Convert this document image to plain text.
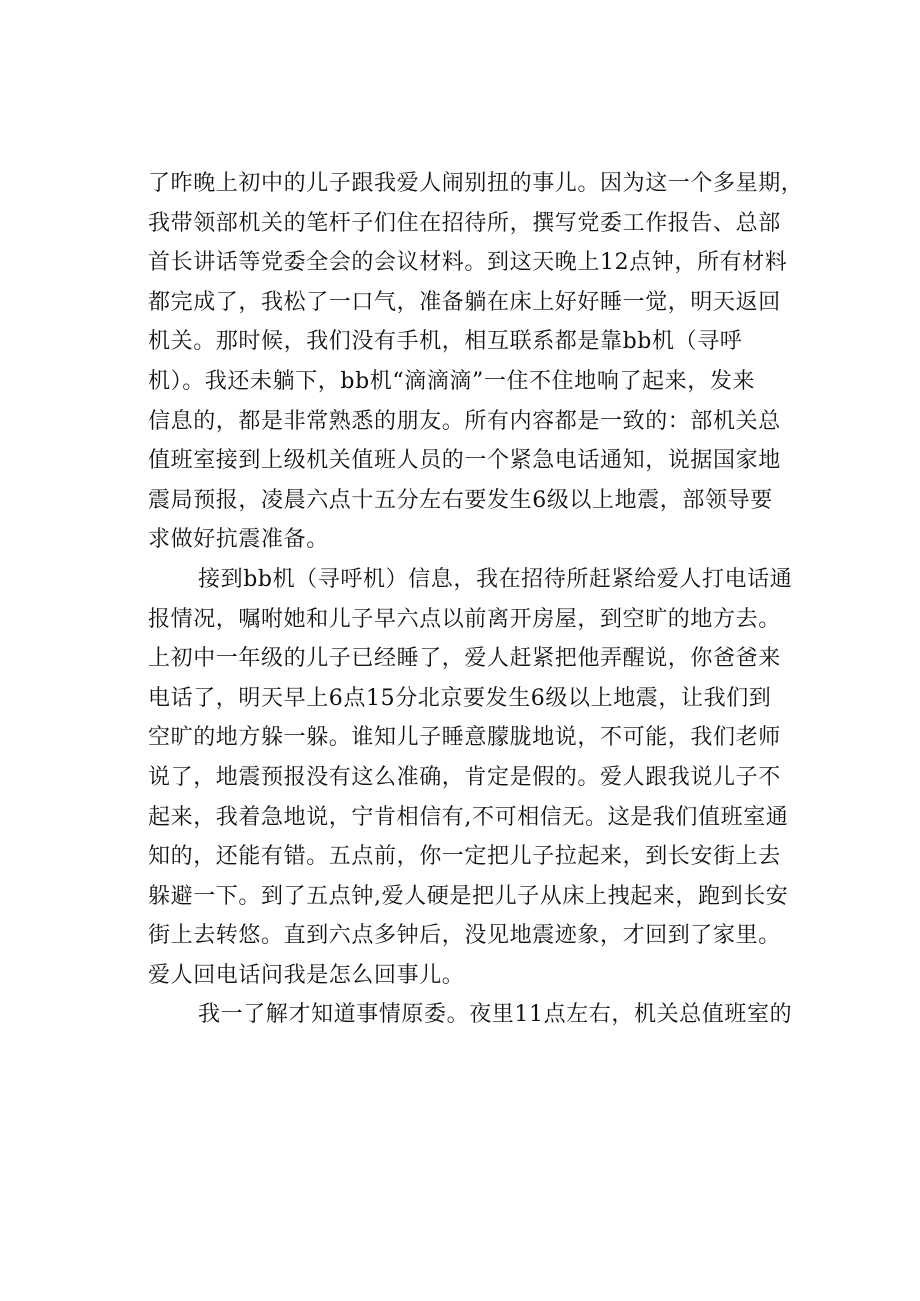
了昨晚上初中的儿子跟我爱人闹别扭的事儿。因为这一个多星期，
我带领部机关的笔杆子们住在招待所，撰写党委工作报告、总部
首长讲话等党委全会的会议材料。到这天晚上12点钟，所有材料
都完成了，我松了一口气，准备躺在床上好好睡一觉，明天返回
机关。那时候，我们没有手机，相互联系都是靠bb机（寻呼
机）。我还未躺下，bb机“滴滴滴”一住不住地响了起来，发来
信息的，都是非常熟悉的朋友。所有内容都是一致的：部机关总
值班室接到上级机关值班人员的一个紧急电话通知，说据国家地
震局预报，凌晨六点十五分左右要发生6级以上地震，部领导要
求做好抗震准备。
接到bb机（寻呼机）信息，我在招待所赶紧给爱人打电话通
报情况，嘱咐她和儿子早六点以前离开房屋，到空旷的地方去。
上初中一年级的儿子已经睡了，爱人赶紧把他弄醒说，你爸爸来
电话了，明天早上6点15分北京要发生6级以上地震，让我们到
空旷的地方躲一躲。谁知儿子睡意朦胧地说，不可能，我们老师
说了，地震预报没有这么准确，肯定是假的。爱人跟我说儿子不
起来，我着急地说，宁肯相信有,不可相信无。这是我们值班室通
知的，还能有错。五点前，你一定把儿子拉起来，到长安街上去
躲避一下。到了五点钟,爱人硬是把儿子从床上拽起来，跑到长安
街上去转悠。直到六点多钟后，没见地震迹象，才回到了家里。
爱人回电话问我是怎么回事儿。
我一了解才知道事情原委。夜里11点左右，机关总值班室的
